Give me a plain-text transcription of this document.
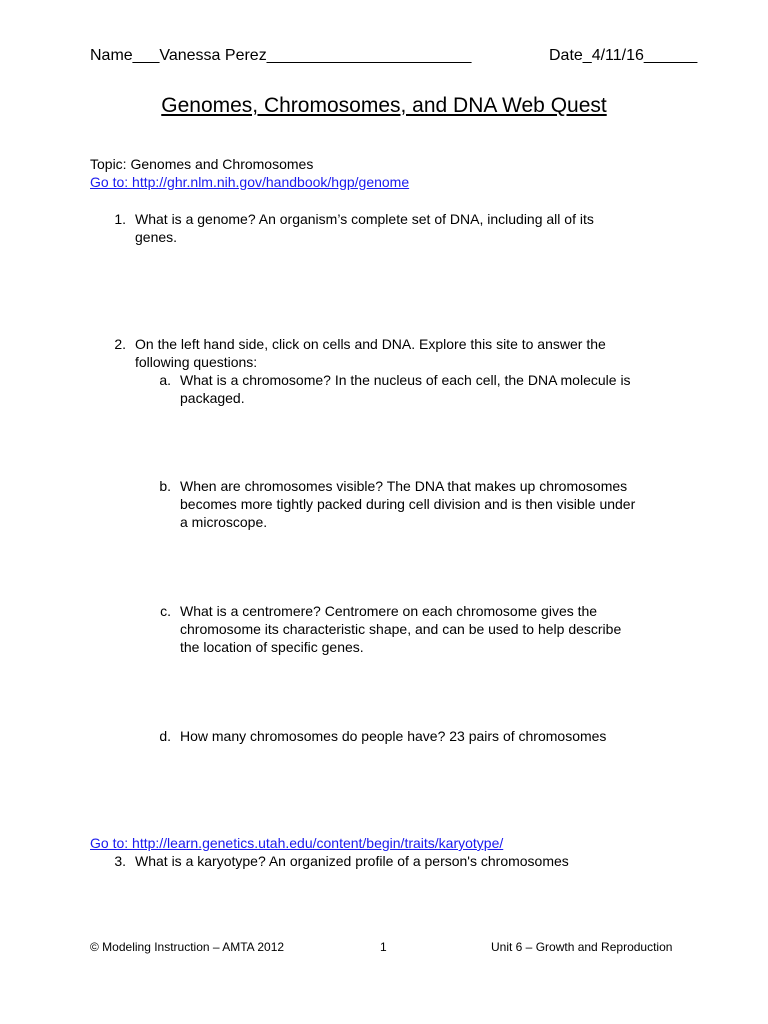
Name___Vanessa Perez_______________________	Date_4/11/16______
Genomes, Chromosomes, and DNA Web Quest
Topic: Genomes and Chromosomes
Go to: http://ghr.nlm.nih.gov/handbook/hgp/genome
1. What is a genome? An organism’s complete set of DNA, including all of its
genes.
2. On the left hand side, click on cells and DNA. Explore this site to answer the
following questions:
a. What is a chromosome? In the nucleus of each cell, the DNA molecule is
packaged.
b. When are chromosomes visible? The DNA that makes up chromosomes
becomes more tightly packed during cell division and is then visible under
a microscope.
c. What is a centromere? Centromere on each chromosome gives the
chromosome its characteristic shape, and can be used to help describe
the location of specific genes.
d. How many chromosomes do people have? 23 pairs of chromosomes
Go to: http://learn.genetics.utah.edu/content/begin/traits/karyotype/
3. What is a karyotype? An organized profile of a person's chromosomes
© Modeling Instruction – AMTA 2012	1	Unit 6 – Growth and Reproduction
